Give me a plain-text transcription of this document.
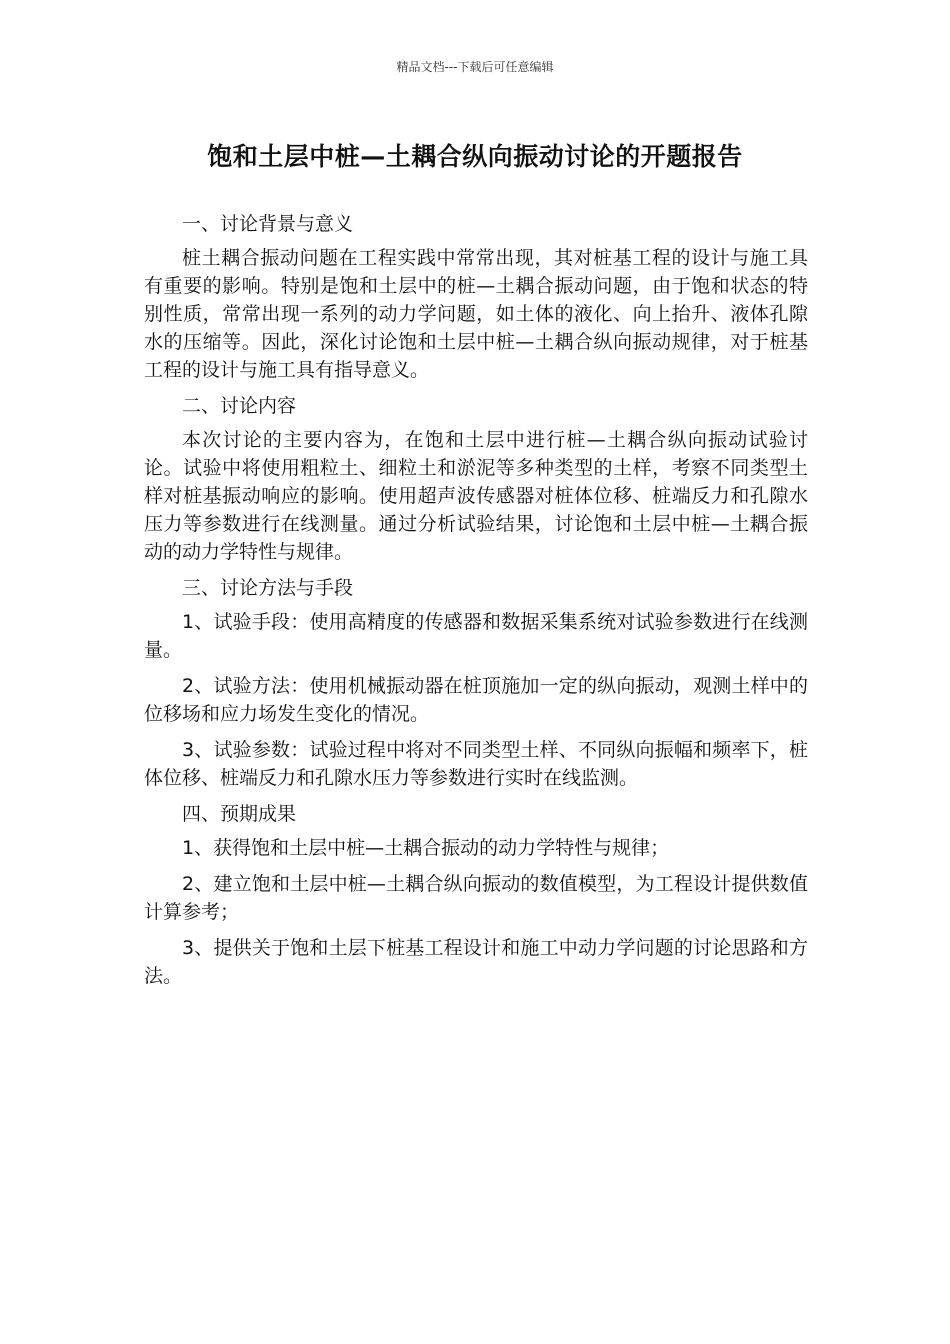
精品文档---下载后可任意编辑
饱和土层中桩—土耦合纵向振动讨论的开题报告

一、讨论背景与意义

桩土耦合振动问题在工程实践中常常出现，其对桩基工程的设计与施工具有重要的影响。特别是饱和土层中的桩—土耦合振动问题，由于饱和状态的特别性质，常常出现一系列的动力学问题，如土体的液化、向上抬升、液体孔隙水的压缩等。因此，深化讨论饱和土层中桩—土耦合纵向振动规律，对于桩基工程的设计与施工具有指导意义。

二、讨论内容

本次讨论的主要内容为，在饱和土层中进行桩—土耦合纵向振动试验讨论。试验中将使用粗粒土、细粒土和淤泥等多种类型的土样，考察不同类型土样对桩基振动响应的影响。使用超声波传感器对桩体位移、桩端反力和孔隙水压力等参数进行在线测量。通过分析试验结果，讨论饱和土层中桩—土耦合振动的动力学特性与规律。

三、讨论方法与手段

1、试验手段：使用高精度的传感器和数据采集系统对试验参数进行在线测量。

2、试验方法：使用机械振动器在桩顶施加一定的纵向振动，观测土样中的位移场和应力场发生变化的情况。

3、试验参数：试验过程中将对不同类型土样、不同纵向振幅和频率下，桩体位移、桩端反力和孔隙水压力等参数进行实时在线监测。

四、预期成果

1、获得饱和土层中桩—土耦合振动的动力学特性与规律；

2、建立饱和土层中桩—土耦合纵向振动的数值模型，为工程设计提供数值计算参考；

3、提供关于饱和土层下桩基工程设计和施工中动力学问题的讨论思路和方法。
